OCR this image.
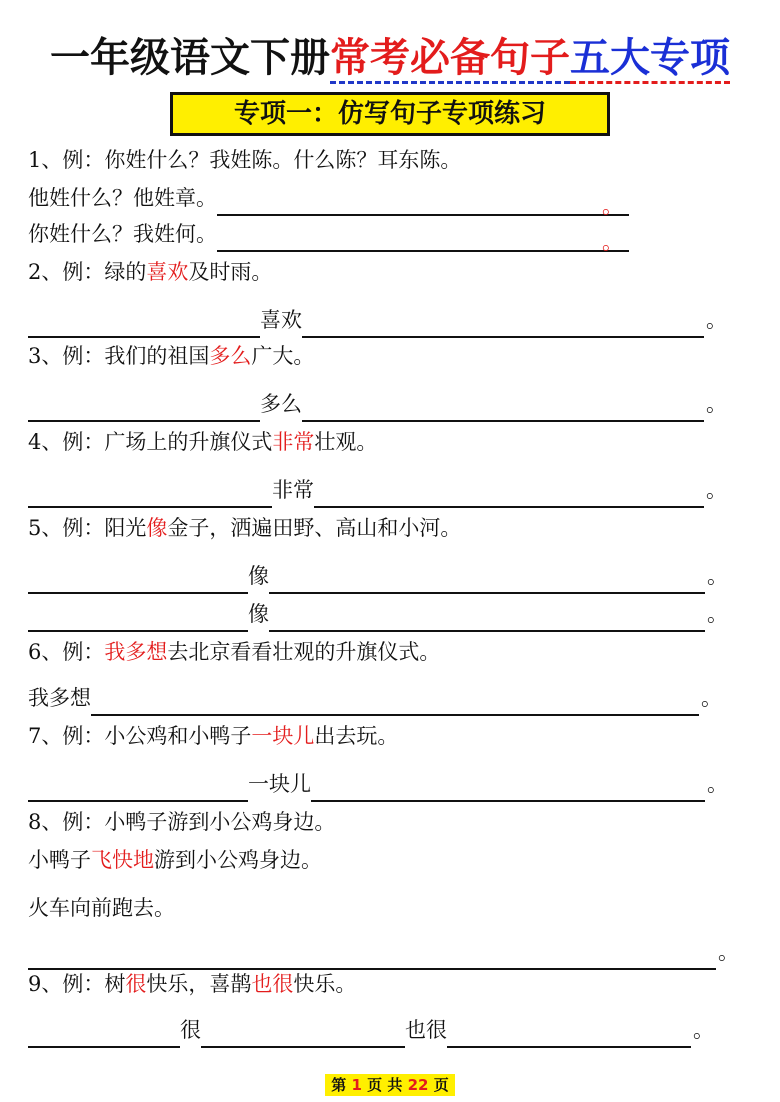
一年级语文下册常考必备句子五大专项
专项一：仿写句子专项练习
1、例：你姓什么？我姓陈。什么陈？耳东陈。
他姓什么？他姓章。	。
你姓什么？我姓何。	。
2、例：绿的 喜欢 及时雨。
喜欢	。
3、例：我们的祖国 多么 广大。
多么	。
4、例：广场上的升旗仪式 非常 壮观。
非常	。
5、例：阳光 像 金子，洒遍田野、高山和小河。
像	。
像	。
6、例： 我多想 去北京看看壮观的升旗仪式。
我多想	。
7、例：小公鸡和小鸭子 一块儿 出去玩。
一块儿	。
8、例：小鸭子游到小公鸡身边。
小鸭子 飞快地 游到小公鸡身边。
火车向前跑去。
。
9、例：树 很 快乐，喜鹊 也很 快乐。
很	也很	。
第 1 页 共 22 页
